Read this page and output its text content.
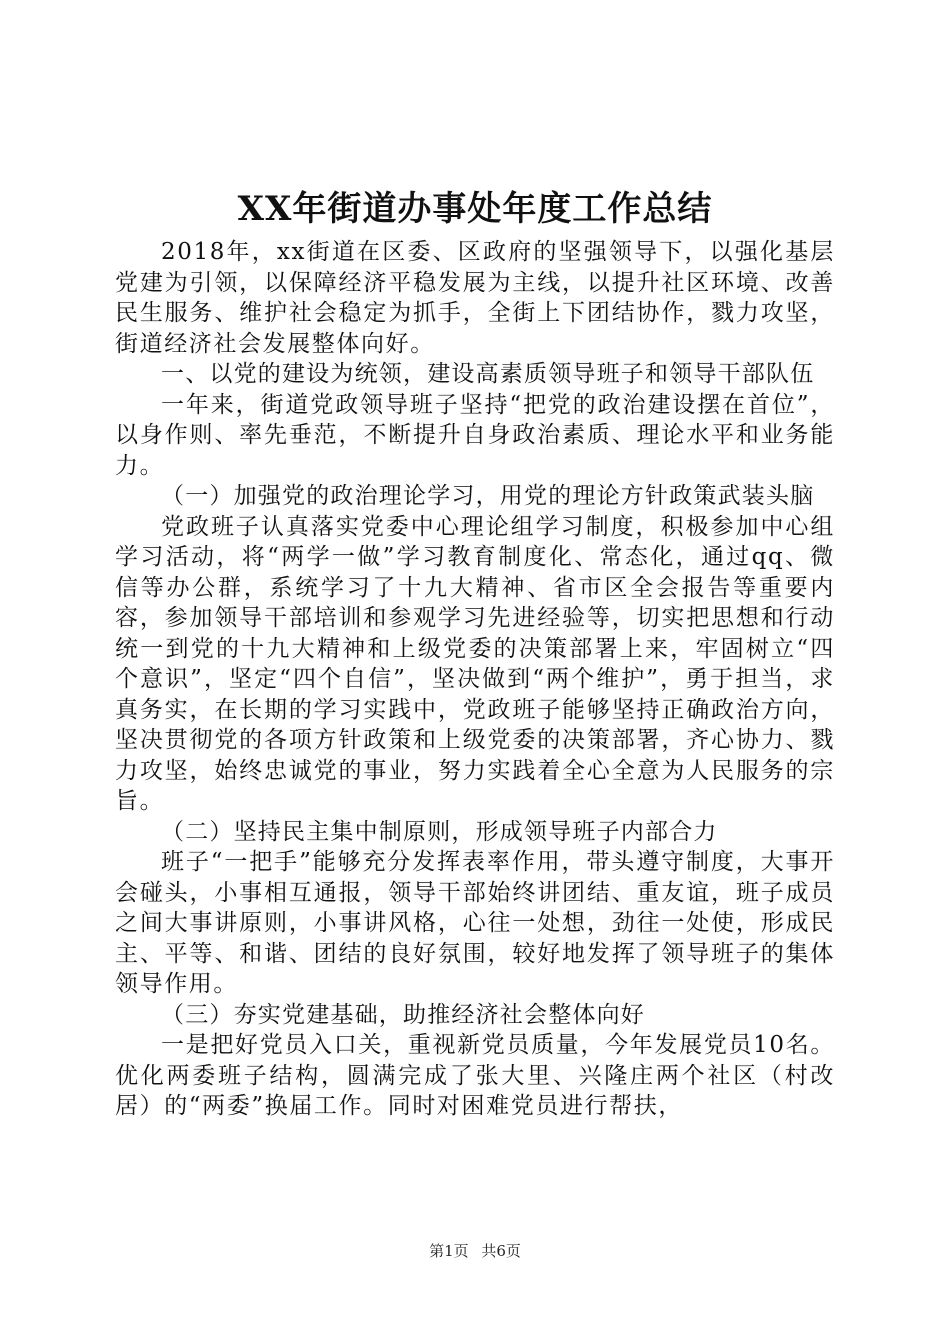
XX年街道办事处年度工作总结

2018年，xx街道在区委、区政府的坚强领导下，以强化基层党建为引领，以保障经济平稳发展为主线，以提升社区环境、改善民生服务、维护社会稳定为抓手，全街上下团结协作，戮力攻坚，街道经济社会发展整体向好。

一、以党的建设为统领，建设高素质领导班子和领导干部队伍

一年来，街道党政领导班子坚持“把党的政治建设摆在首位”，以身作则、率先垂范，不断提升自身政治素质、理论水平和业务能力。

（一）加强党的政治理论学习，用党的理论方针政策武装头脑

党政班子认真落实党委中心理论组学习制度，积极参加中心组学习活动，将“两学一做”学习教育制度化、常态化，通过qq、微信等办公群，系统学习了十九大精神、省市区全会报告等重要内容，参加领导干部培训和参观学习先进经验等，切实把思想和行动统一到党的十九大精神和上级党委的决策部署上来，牢固树立“四个意识”，坚定“四个自信”，坚决做到“两个维护”，勇于担当，求真务实，在长期的学习实践中，党政班子能够坚持正确政治方向，坚决贯彻党的各项方针政策和上级党委的决策部署，齐心协力、戮力攻坚，始终忠诚党的事业，努力实践着全心全意为人民服务的宗旨。

（二）坚持民主集中制原则，形成领导班子内部合力

班子“一把手”能够充分发挥表率作用，带头遵守制度，大事开会碰头，小事相互通报，领导干部始终讲团结、重友谊，班子成员之间大事讲原则，小事讲风格，心往一处想，劲往一处使，形成民主、平等、和谐、团结的良好氛围，较好地发挥了领导班子的集体领导作用。

（三）夯实党建基础，助推经济社会整体向好

一是把好党员入口关，重视新党员质量，今年发展党员10名。优化两委班子结构，圆满完成了张大里、兴隆庄两个社区（村改居）的“两委”换届工作。同时对困难党员进行帮扶，

第1页 共6页
